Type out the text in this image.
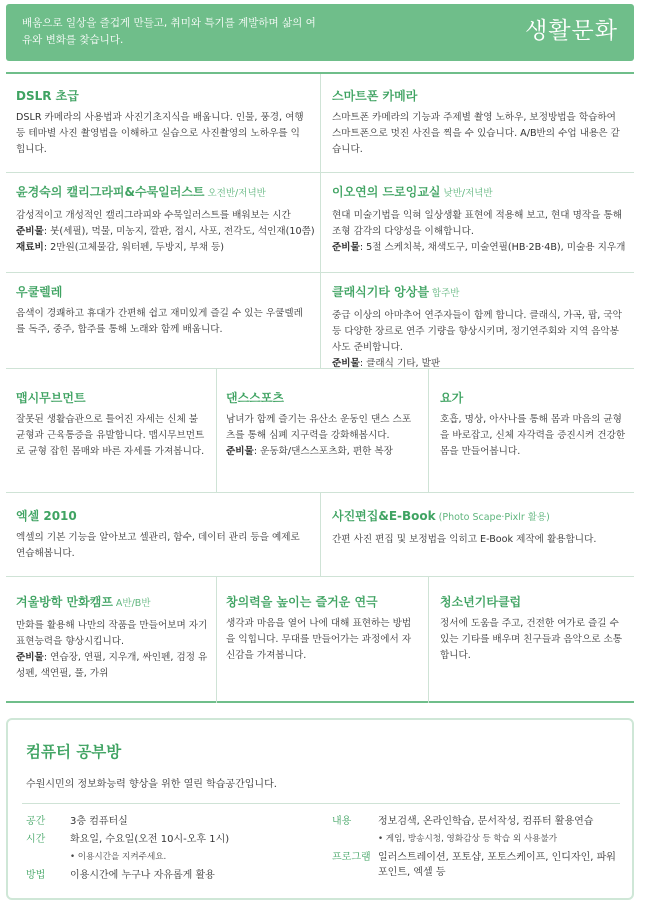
배움으로 일상을 즐겁게 만들고, 취미와 특기를 계발하며 삶의 여유와 변화를 찾습니다.	생활문화
DSLR 초급

DSLR 카메라의 사용법과 사진기초지식을 배웁니다. 인물, 풍경, 여행 등 테마별 사진 촬영법을 이해하고 실습으로 사진촬영의 노하우를 익힙니다.

스마트폰 카메라

스마트폰 카메라의 기능과 주제별 촬영 노하우, 보정방법을 학습하여 스마트폰으로 멋진 사진을 찍을 수 있습니다. A/B반의 수업 내용은 같습니다.

윤경숙의 캘리그라피&수묵일러스트 오전반/저녁반

감성적이고 개성적인 캘리그라피와 수묵일러스트를 배워보는 시간

준비물: 붓(세필), 먹물, 미농지, 깔판, 접시, 사포, 전각도, 석인재(10쯤)

재료비: 2만원(고체물감, 워터펜, 두방지, 부채 등)

이오연의 드로잉교실 낮반/저녁반

현대 미술기법을 익혀 일상생활 표현에 적용해 보고, 현대 명작을 통해 조형 감각의 다양성을 이해합니다.

준비물: 5절 스케치북, 채색도구, 미술연필(HB·2B·4B), 미술용 지우개

우쿨렐레

음색이 경쾌하고 휴대가 간편해 쉽고 재미있게 즐길 수 있는 우쿨렐레를 독주, 중주, 합주를 통해 노래와 함께 배웁니다.

클래식기타 앙상블 합주반

중급 이상의 아마추어 연주자들이 함께 합니다. 클래식, 가곡, 팝, 국악 등 다양한 장르로 연주 기량을 향상시키며, 정기연주회와 지역 음악봉사도 준비합니다.

준비물: 클래식 기타, 발판

맵시무브먼트

잘못된 생활습관으로 틀어진 자세는 신체 불균형과 근육통증을 유발합니다. 맵시무브먼트로 균형 잡힌 몸매와 바른 자세를 가져봅니다.

댄스스포츠

남녀가 함께 즐기는 유산소 운동인 댄스 스포츠를 통해 심폐 지구력을 강화해봅시다.

준비물: 운동화/댄스스포츠화, 편한 복장

요가

호흡, 명상, 아사나를 통해 몸과 마음의 균형을 바로잡고, 신체 자각력을 증진시켜 건강한 몸을 만들어봅니다.

엑셀 2010

엑셀의 기본 기능을 알아보고 셀관리, 함수, 데이터 관리 등을 예제로 연습해봅니다.

사진편집&E-Book (Photo Scape·Pixlr 활용)

간편 사진 편집 및 보정법을 익히고 E-Book 제작에 활용합니다.

겨울방학 만화캠프 A반/B반

만화를 활용해 나만의 작품을 만들어보며 자기표현능력을 향상시킵니다.

준비물: 연습장, 연필, 지우개, 싸인펜, 검정 유성펜, 색연필, 풀, 가위

창의력을 높이는 즐거운 연극

생각과 마음을 열어 나에 대해 표현하는 방법을 익힙니다. 무대를 만들어가는 과정에서 자신감을 가져봅니다.

청소년기타클럽

정서에 도움을 주고, 건전한 여가로 즐길 수 있는 기타를 배우며 친구들과 음악으로 소통합니다.

컴퓨터 공부방
수원시민의 정보화능력 향상을 위한 열린 학습공간입니다.
공간 3층 컴퓨터실
시간 화요일, 수요일(오전 10시-오후 1시)
• 이용시간을 지켜주세요.
방법 이용시간에 누구나 자유롭게 활용
내용	정보검색, 온라인학습, 문서작성, 컴퓨터 활용연습
• 게임, 방송시청, 영화감상 등 학습 외 사용불가
프로그램 일러스트레이션, 포토샵, 포토스케이프, 인디자인, 파워포인트, 엑셀 등
